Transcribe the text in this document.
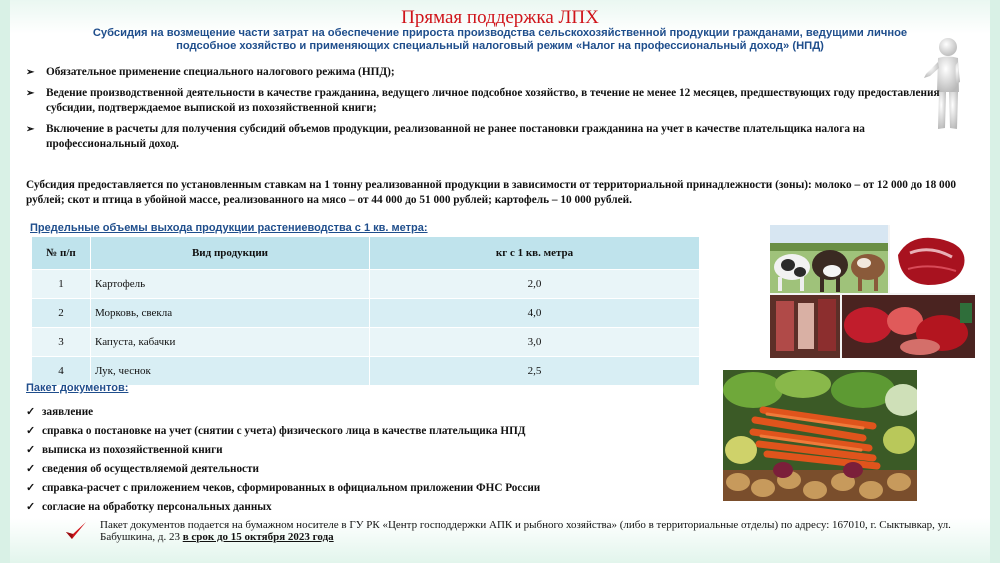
Прямая поддержка ЛПХ
Субсидия на возмещение части затрат на обеспечение прироста производства сельскохозяйственной продукции гражданами, ведущими личное подсобное хозяйство и применяющих специальный налоговый режим «Налог на профессиональный доход» (НПД)
➢ Обязательное применение специального налогового режима (НПД);
➢ Ведение производственной деятельности в качестве гражданина, ведущего личное подсобное хозяйство, в течение не менее 12 месяцев, предшествующих году предоставления субсидии, подтверждаемое выпиской из похозяйственной книги;
➢ Включение в расчеты для получения субсидий объемов продукции, реализованной не ранее постановки гражданина на учет в качестве плательщика налога на профессиональный доход.
Субсидия предоставляется по установленным ставкам на 1 тонну реализованной продукции в зависимости от территориальной принадлежности (зоны): молоко – от 12 000 до 18 000 рублей; скот и птица в убойной массе, реализованного на мясо – от 44 000 до 51 000 рублей; картофель – 10 000 рублей.
Предельные объемы выхода продукции растениеводства с 1 кв. метра:
№ п/п	Вид продукции	кг с 1 кв. метра
1	Картофель	2,0
2	Морковь, свекла	4,0
3	Капуста, кабачки	3,0
4	Лук, чеснок	2,5
Пакет документов:
✓ заявление
✓ справка о постановке на учет (снятии с учета) физического лица в качестве плательщика НПД
✓ выписка из похозяйственной книги
✓ сведения об осуществляемой деятельности
✓ справка-расчет с приложением чеков, сформированных в официальном приложении ФНС России
✓ согласие на обработку персональных данных
Пакет документов подается на бумажном носителе в ГУ РК «Центр господдержки АПК и рыбного хозяйства» (либо в территориальные отделы) по адресу: 167010, г. Сыктывкар, ул. Бабушкина, д. 23 в срок до 15 октября 2023 года
